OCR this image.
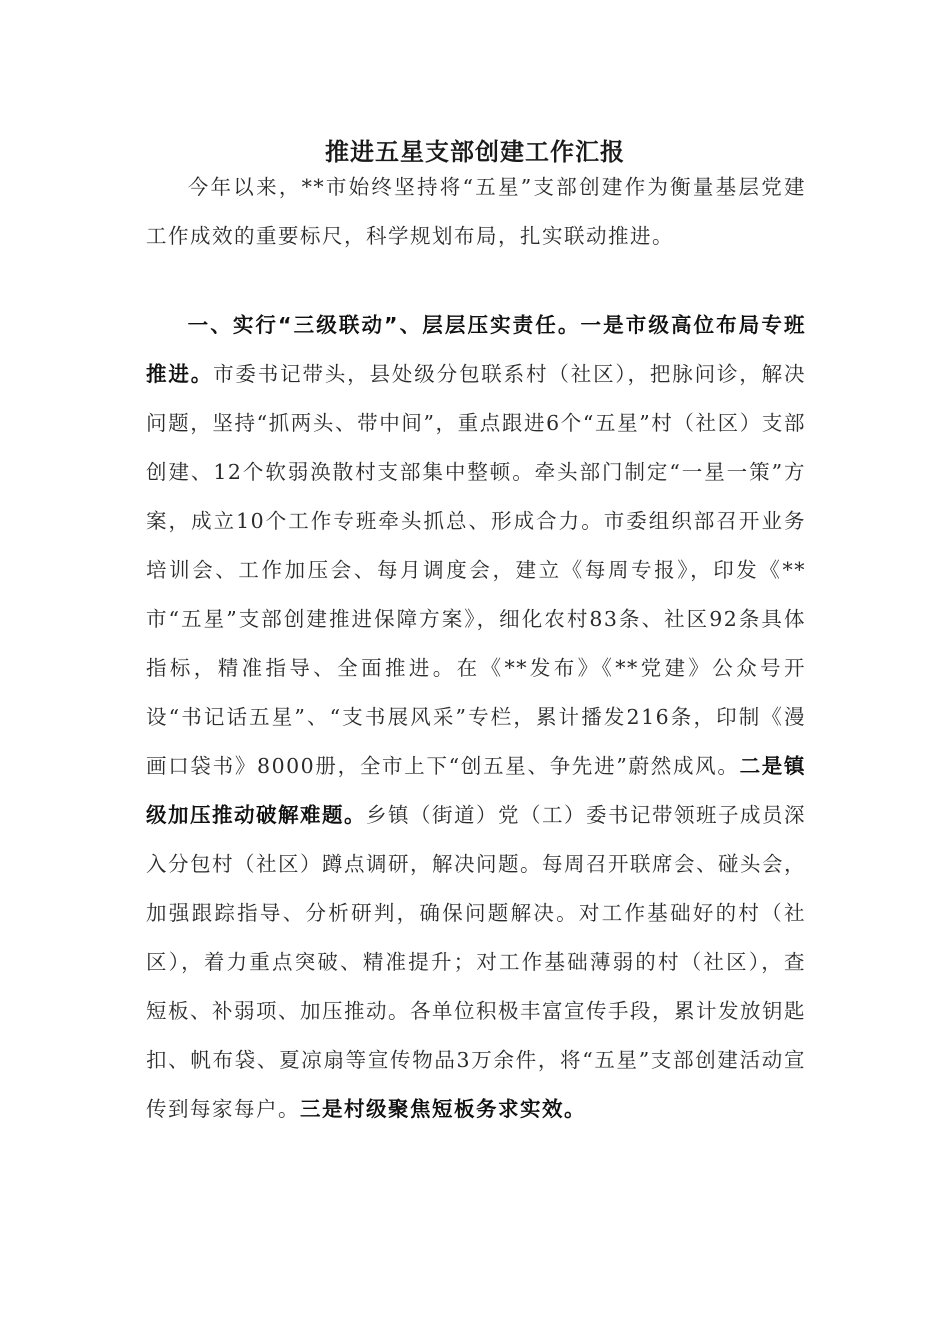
推进五星支部创建工作汇报

今年以来，**市始终坚持将“五星”支部创建作为衡量基层党建工作成效的重要标尺，科学规划布局，扎实联动推进。

一、实行“三级联动”、层层压实责任。一是市级高位布局专班推进。市委书记带头，县处级分包联系村（社区），把脉问诊，解决问题，坚持“抓两头、带中间”，重点跟进6个“五星”村（社区）支部创建、12个软弱涣散村支部集中整顿。牵头部门制定“一星一策”方案，成立10个工作专班牵头抓总、形成合力。市委组织部召开业务培训会、工作加压会、每月调度会，建立《每周专报》，印发《**市“五星”支部创建推进保障方案》，细化农村83条、社区92条具体指标，精准指导、全面推进。在《**发布》《**党建》公众号开设“书记话五星”、“支书展风采”专栏，累计播发216条，印制《漫画口袋书》8000册，全市上下“创五星、争先进”蔚然成风。二是镇级加压推动破解难题。乡镇（街道）党（工）委书记带领班子成员深入分包村（社区）蹲点调研，解决问题。每周召开联席会、碰头会，加强跟踪指导、分析研判，确保问题解决。对工作基础好的村（社区），着力重点突破、精准提升；对工作基础薄弱的村（社区），查短板、补弱项、加压推动。各单位积极丰富宣传手段，累计发放钥匙扣、帆布袋、夏凉扇等宣传物品3万余件，将“五星”支部创建活动宣传到每家每户。三是村级聚焦短板务求实效。
